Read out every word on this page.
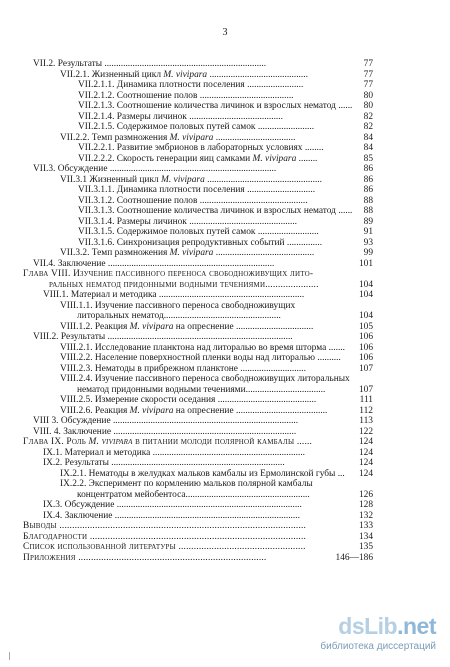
3
VII.2. Результаты .....................................................................	77
VII.2.1. Жизненный цикл M. vivipara ..........................................	77
VII.2.1.1. Динамика плотности поселения ........................	77
VII.2.1.2. Соотношение полов ........................................	80
VII.2.1.3. Соотношение количества личинок и взрослых нематод ...... 80
VII.2.1.4. Размеры личинок ........................................	82
VII.2.1.5. Содержимое половых путей самок ........................	82
VII.2.2. Темп размножения M. vivipara ..................................	84
VII.2.2.1. Развитие эмбрионов в лабораторных условиях ........	84
VII.2.2.2. Скорость генерации яиц самками M. vivipara ........	85
VII.3. Обсуждение .......................................................................	86
VII.3.1 Жизненный цикл M. vivipara .................................................	86
VII.3.1.1. Динамика плотности поселения .............................	86
VII.3.1.2. Соотношение полов ..............................................	88
VII.3.1.3. Соотношение количества личинок и взрослых нематод ...... 88
VII.3.1.4. Размеры личинок ..............................................	89
VII.3.1.5. Содержимое половых путей самок ..........................	91
VII.3.1.6. Синхронизация репродуктивных событий ...............	93
VII.3.2. Темп размножения M. vivipara ..........................................	99
VII.4. Заключение .......................................................................	101
Глава VIII. Изучение пассивного переноса свободноживущих лито-
ральных нематод придонными водными течениями.....................	104
VIII.1. Материал и методика ..............................................................	104
VIII.1.1. Изучение пассивного переноса свободноживущих
литоральных нематод..................................................	104
VIII.1.2. Реакция M. vivipara на опреснение .................................	105
VIII.2. Результаты ...............................................................................	106
VIII.2.1. Исследование планктона над литоралью во время шторма ....... 106
VIII.2.2. Население поверхностной пленки воды над литоралью .......... 106
VIII.2.3. Нематоды в прибрежном планктоне ............................	107
VIII.2.4. Изучение пассивного переноса свободноживущих литоральных
нематод придонными водными течениями..................................	107
VIII.2.5. Измерение скорости оседания ..........................................	111
VIII.2.6. Реакция M. vivipara на опреснение .......................................	112
VIII 3. Обсуждение ...............................................................................	113
VIII. 4. Заключение ..............................................................................	122
Глава IX. Роль M. vivipara в питании молоди полярной камбалы ......	124
IX.1. Материал и методика .................................................................	124
IX.2. Результаты ..........................................................................	124
IX.2.1. Нематоды в желудках мальков камбалы из Ермолинской губы ... 124
IX.2.2. Эксперимент по кормлению мальков полярной камбалы
концентратом мейобентоса.....................................................	126
IX.3. Обсуждение ...............................................................................	128
IX.4. Заключение ...............................................................................	132
Выводы .................................................................................................	133
Благодарности .....................................................................................	134
Список использованной литературы ..................................................	135
Приложения ..........................................................................	146—186
dsLib.net
библиотека диссертаций
